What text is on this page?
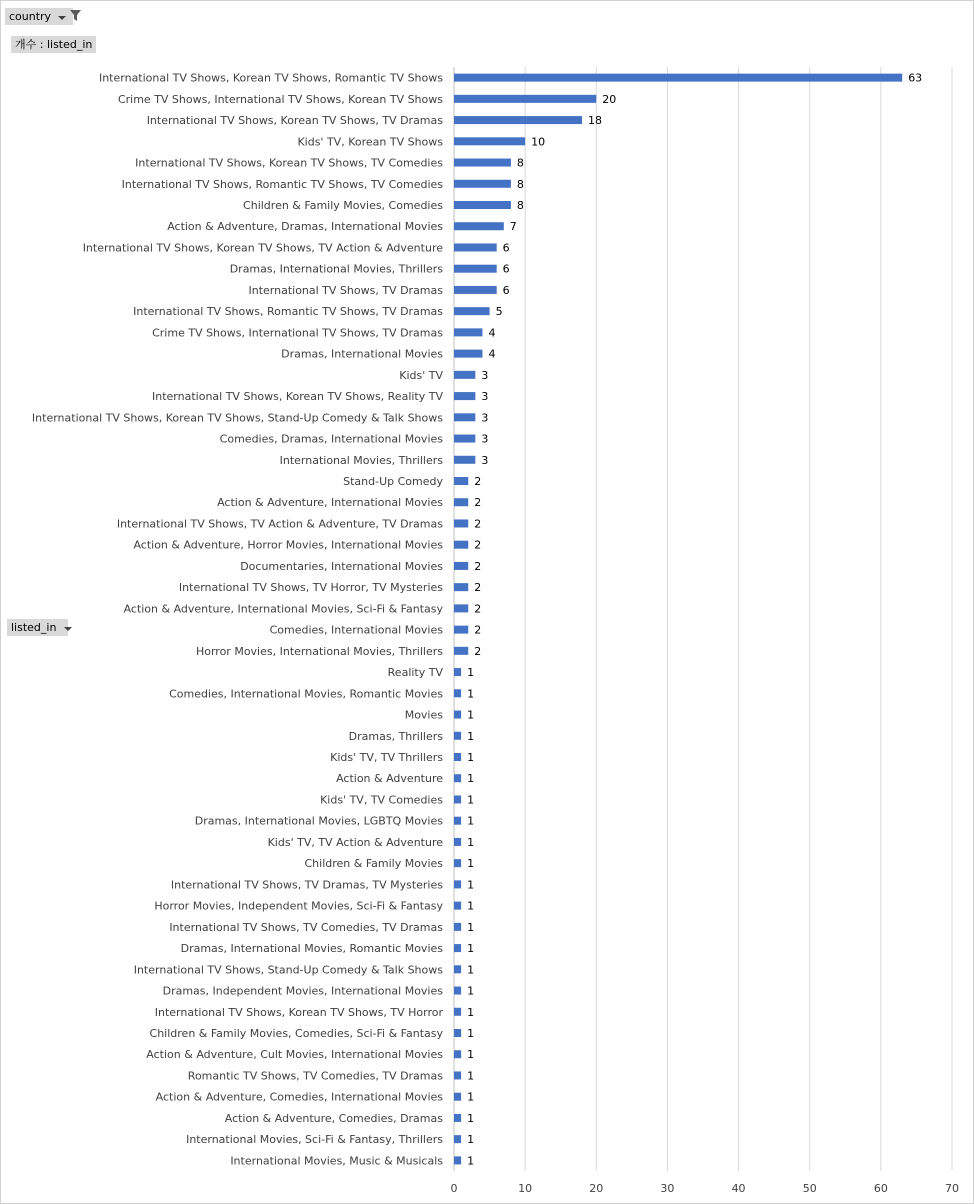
country
개수 : listed_in
listed_in
International TV Shows, Korean TV Shows, Romantic TV Shows
Crime TV Shows, International TV Shows, Korean TV Shows
International TV Shows, Korean TV Shows, TV Dramas
Kids' TV, Korean TV Shows
International TV Shows, Korean TV Shows, TV Comedies
International TV Shows, Romantic TV Shows, TV Comedies
Children & Family Movies, Comedies
Action & Adventure, Dramas, International Movies
International TV Shows, Korean TV Shows, TV Action & Adventure
Dramas, International Movies, Thrillers
International TV Shows, TV Dramas
International TV Shows, Romantic TV Shows, TV Dramas
Crime TV Shows, International TV Shows, TV Dramas
Dramas, International Movies
Kids' TV
International TV Shows, Korean TV Shows, Reality TV
International TV Shows, Korean TV Shows, Stand-Up Comedy & Talk Shows
Comedies, Dramas, International Movies
International Movies, Thrillers
Stand-Up Comedy
Action & Adventure, International Movies
International TV Shows, TV Action & Adventure, TV Dramas
Action & Adventure, Horror Movies, International Movies
Documentaries, International Movies
International TV Shows, TV Horror, TV Mysteries
Action & Adventure, International Movies, Sci-Fi & Fantasy
Comedies, International Movies
Horror Movies, International Movies, Thrillers
Reality TV
Comedies, International Movies, Romantic Movies
Movies
Dramas, Thrillers
Kids' TV, TV Thrillers
Action & Adventure
Kids' TV, TV Comedies
Dramas, International Movies, LGBTQ Movies
Kids' TV, TV Action & Adventure
Children & Family Movies
International TV Shows, TV Dramas, TV Mysteries
Horror Movies, Independent Movies, Sci-Fi & Fantasy
International TV Shows, TV Comedies, TV Dramas
Dramas, International Movies, Romantic Movies
International TV Shows, Stand-Up Comedy & Talk Shows
Dramas, Independent Movies, International Movies
International TV Shows, Korean TV Shows, TV Horror
Children & Family Movies, Comedies, Sci-Fi & Fantasy
Action & Adventure, Cult Movies, International Movies
Romantic TV Shows, TV Comedies, TV Dramas
Action & Adventure, Comedies, International Movies
Action & Adventure, Comedies, Dramas
International Movies, Sci-Fi & Fantasy, Thrillers
International Movies, Music & Musicals
63
20
18
10
8
8
8
7
6
6
6
5
4
4
3
3
3
3
3
2
2
2
2
2
2
2
2
2
1
1
1
1
1
1
1
1
1
1
1
1
1
1
1
1
1
1
1
1
1
1
1
1
0	10	20	30	40	50	60	70
